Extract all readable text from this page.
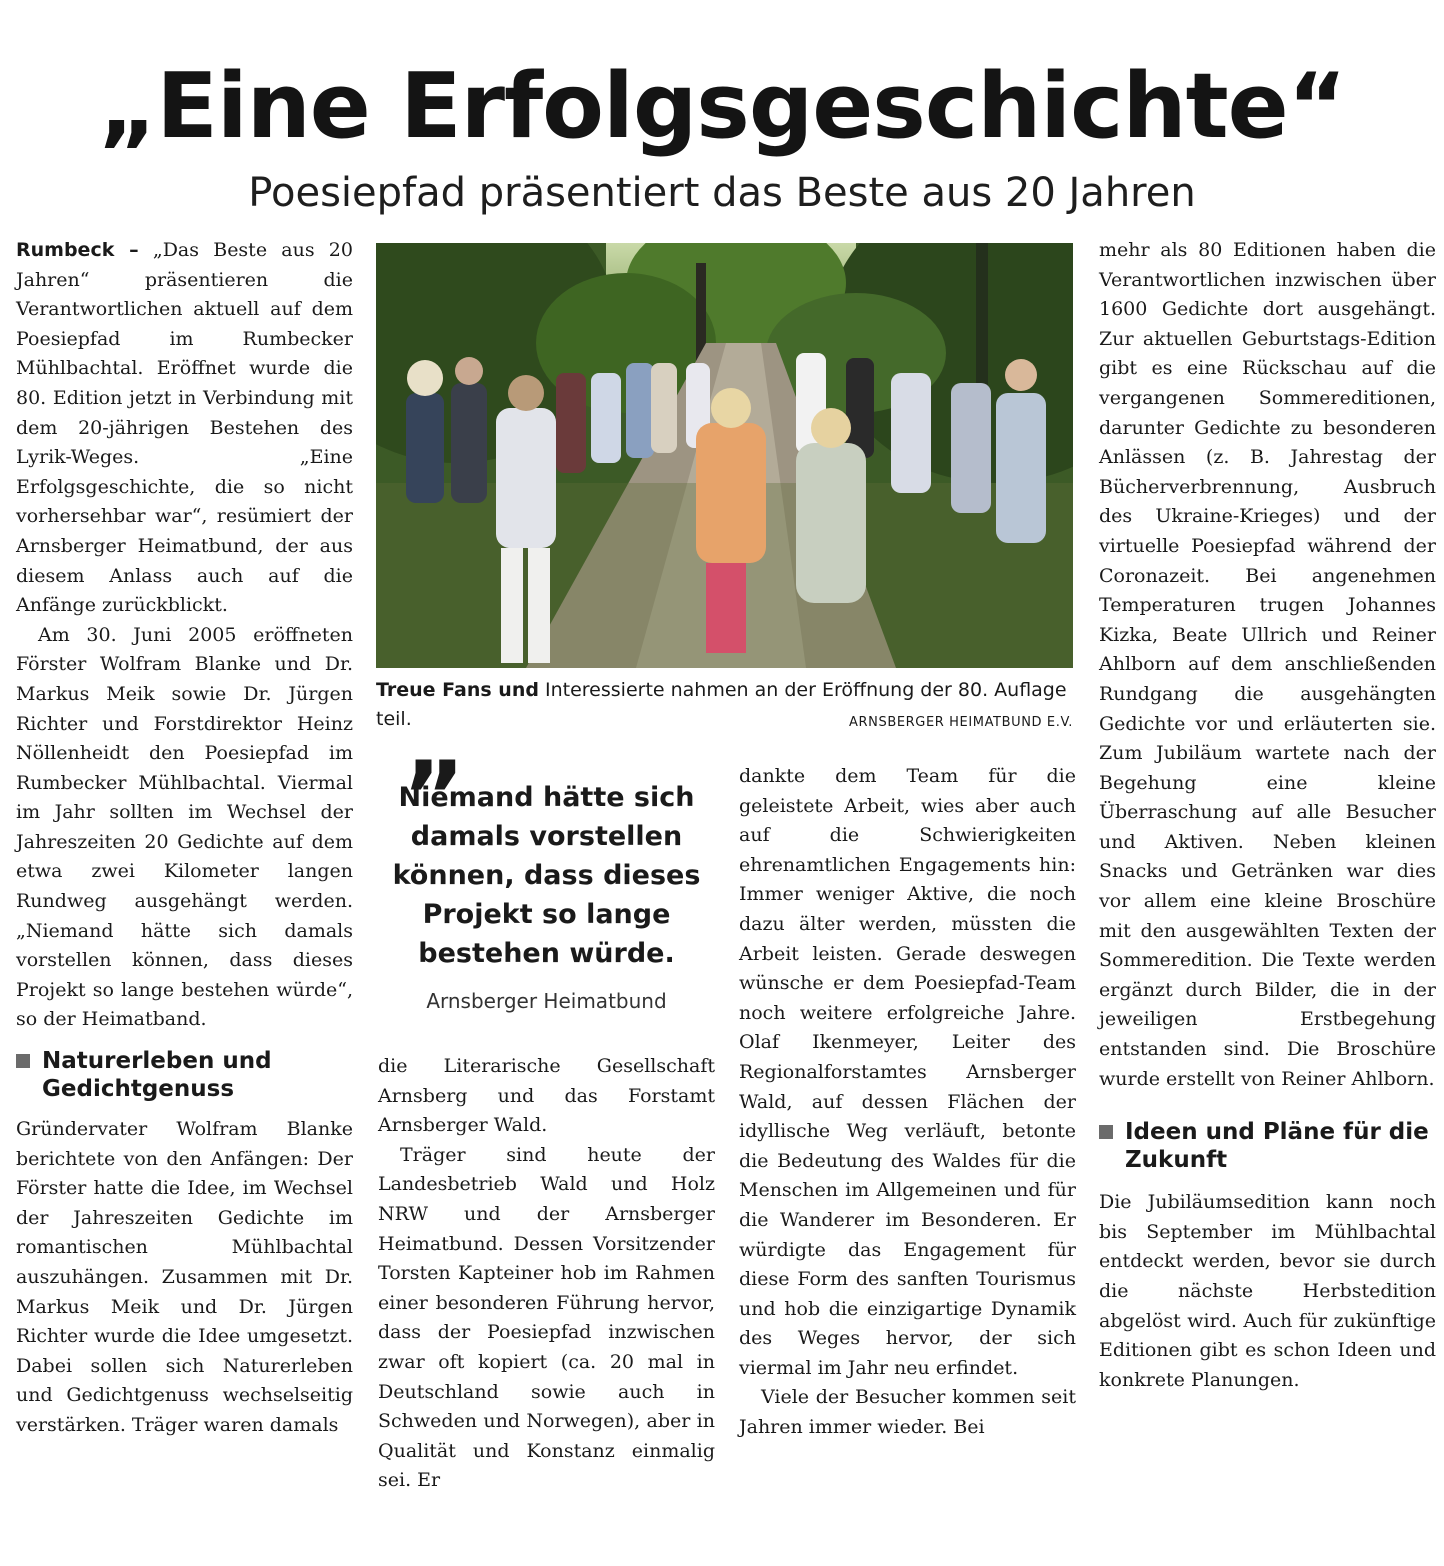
„Eine Erfolgsgeschichte“
Poesiepfad präsentiert das Beste aus 20 Jahren

Rumbeck – „Das Beste aus 20 Jahren“ präsentieren die Verantwortlichen aktuell auf dem Poesiepfad im Rumbecker Mühlbachtal. Eröffnet wurde die 80. Edition jetzt in Verbindung mit dem 20-jährigen Bestehen des Lyrik-Weges. „Eine Erfolgsgeschichte, die so nicht vorhersehbar war“, resümiert der Arnsberger Heimatbund, der aus diesem Anlass auch auf die Anfänge zurückblickt.

Am 30. Juni 2005 eröffneten Förster Wolfram Blanke und Dr. Markus Meik sowie Dr. Jürgen Richter und Forstdirektor Heinz Nöllenheidt den Poesiepfad im Rumbecker Mühlbachtal. Viermal im Jahr sollten im Wechsel der Jahreszeiten 20 Gedichte auf dem etwa zwei Kilometer langen Rundweg ausgehängt werden. „Niemand hätte sich damals vorstellen können, dass dieses Projekt so lange bestehen würde“, so der Heimatband.

Naturerleben und Gedichtgenuss

Gründervater Wolfram Blanke berichtete von den Anfängen: Der Förster hatte die Idee, im Wechsel der Jahreszeiten Gedichte im romantischen Mühlbachtal auszuhängen. Zusammen mit Dr. Markus Meik und Dr. Jürgen Richter wurde die Idee umgesetzt. Dabei sollen sich Naturerleben und Gedichtgenuss wechselseitig verstärken. Träger waren damals

Treue Fans und Interessierte nahmen an der Eröffnung der 80. Auflage teil.	ARNSBERGER HEIMATBUND E.V.
”

Niemand hätte sich damals vorstellen können, dass dieses Projekt so lange bestehen würde.

Arnsberger Heimatbund

die Literarische Gesellschaft Arnsberg und das Forstamt Arnsberger Wald.

Träger sind heute der Landesbetrieb Wald und Holz NRW und der Arnsberger Heimatbund. Dessen Vorsitzender Torsten Kapteiner hob im Rahmen einer besonderen Führung hervor, dass der Poesiepfad inzwischen zwar oft kopiert (ca. 20 mal in Deutschland sowie auch in Schweden und Norwegen), aber in Qualität und Konstanz einmalig sei. Er

dankte dem Team für die geleistete Arbeit, wies aber auch auf die Schwierigkeiten ehrenamtlichen Engagements hin: Immer weniger Aktive, die noch dazu älter werden, müssten die Arbeit leisten. Gerade deswegen wünsche er dem Poesiepfad-Team noch weitere erfolgreiche Jahre. Olaf Ikenmeyer, Leiter des Regionalforstamtes Arnsberger Wald, auf dessen Flächen der idyllische Weg verläuft, betonte die Bedeutung des Waldes für die Menschen im Allgemeinen und für die Wanderer im Besonderen. Er würdigte das Engagement für diese Form des sanften Tourismus und hob die einzigartige Dynamik des Weges hervor, der sich viermal im Jahr neu erfindet.

Viele der Besucher kommen seit Jahren immer wieder. Bei

mehr als 80 Editionen haben die Verantwortlichen inzwischen über 1600 Gedichte dort ausgehängt. Zur aktuellen Geburtstags-Edition gibt es eine Rückschau auf die vergangenen Sommereditionen, darunter Gedichte zu besonderen Anlässen (z. B. Jahrestag der Bücherverbrennung, Ausbruch des Ukraine-Krieges) und der virtuelle Poesiepfad während der Coronazeit. Bei angenehmen Temperaturen trugen Johannes Kizka, Beate Ullrich und Reiner Ahlborn auf dem anschließenden Rundgang die ausgehängten Gedichte vor und erläuterten sie. Zum Jubiläum wartete nach der Begehung eine kleine Überraschung auf alle Besucher und Aktiven. Neben kleinen Snacks und Getränken war dies vor allem eine kleine Broschüre mit den ausgewählten Texten der Sommeredition. Die Texte werden ergänzt durch Bilder, die in der jeweiligen Erstbegehung entstanden sind. Die Broschüre wurde erstellt von Reiner Ahlborn.

Ideen und Pläne für die Zukunft

Die Jubiläumsedition kann noch bis September im Mühlbachtal entdeckt werden, bevor sie durch die nächste Herbstedition abgelöst wird. Auch für zukünftige Editionen gibt es schon Ideen und konkrete Planungen.
